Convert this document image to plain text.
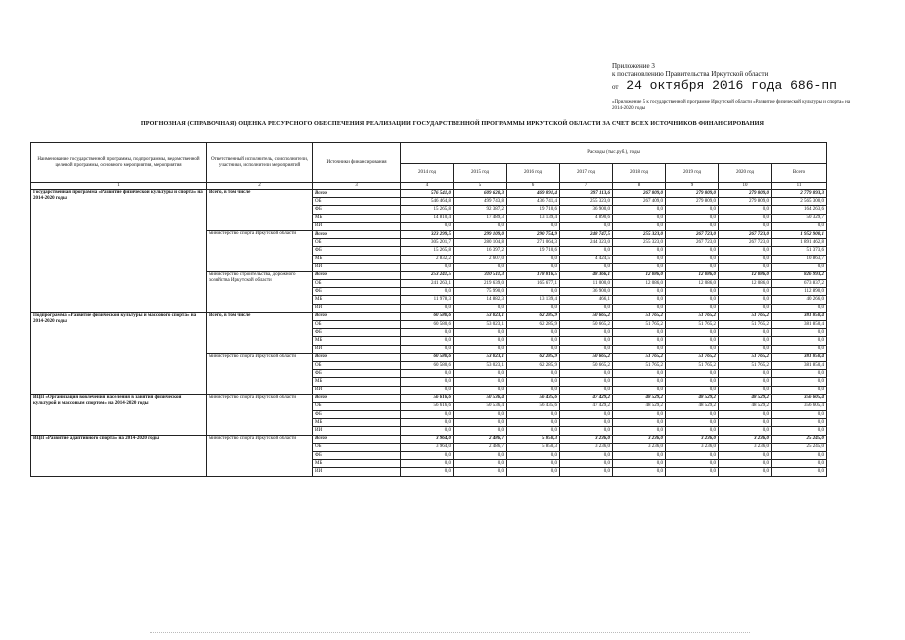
Приложение 3
к постановлению Правительства Иркутской области
от 24 октября 2016 года 686-пп
«Приложение 5 к государственной программе Иркутской области «Развитие физической культуры и спорта» на 2014-2020 годы
ПРОГНОЗНАЯ (СПРАВОЧНАЯ) ОЦЕНКА РЕСУРСНОГО ОБЕСПЕЧЕНИЯ РЕАЛИЗАЦИИ ГОСУДАРСТВЕННОЙ ПРОГРАММЫ ИРКУТСКОЙ ОБЛАСТИ ЗА СЧЕТ ВСЕХ ИСТОЧНИКОВ ФИНАНСИРОВАНИЯ
Наименование государственной программы, подпрограммы, ведомственной целевой программы, основного мероприятия, мероприятия	Ответственный исполнитель, соисполнители, участники, исполнители мероприятий	Источники финансирования	Расходы (тыс.руб.), годы							
			2014 год	2015 год	2016 год	2017 год	2018 год	2019 год	2020 год	Всего
1	2	3	4	5	6	7	8	9	10	11
Государственная программа «Развитие физической культуры и спорта» на 2014-2020 годы	Всего, в том числе	Всего	576 541,0	609 620,3	469 891,4	397 113,6	267 809,0	279 809,0	279 809,0	2 779 893,3
		ОБ	546 464,8	499 743,8	436 741,4	255 323,0	267 409,0	279 809,0	279 809,0	2 565 300,0
		ФБ	15 265,8	92 387,2	19 710,6	36 900,0	0,0	0,0	0,0	164 263,6
		МБ	14 810,4	17 489,3	13 139,4	4 890,6	0,0	0,0	0,0	50 329,7
		ИИ	0,0	0,0	0,0	0,0	0,0	0,0	0,0	0,0
	министерство спорта Иркутской области	Всего	323 299,5	299 109,0	290 754,9	248 747,5	255 323,0	267 723,0	267 723,0	1 952 900,1
		ОБ	305 201,7	280 104,8	271 064,3	244 323,0	255 323,0	267 723,0	267 723,0	1 891 462,8
		ФБ	15 265,8	16 397,2	19 710,6	0,0	0,0	0,0	0,0	51 373,6
		МБ	2 832,2	2 607,0	0,0	4 424,5	0,0	0,0	0,0	10 863,7
		ИИ	0,0	0,0	0,0	0,0	0,0	0,0	0,0	0,0
	министерство строительства, дорожного хозяйства Иркутской области	Всего	253 241,5	310 511,3	178 816,5	48 366,1	12 086,0	12 086,0	12 086,0	826 993,2
		ОБ	241 263,1	219 639,0	165 677,1	11 000,0	12 086,0	12 086,0	12 086,0	673 837,2
		ФБ	0,0	75 990,0	0,0	36 900,0	0,0	0,0	0,0	112 890,0
		МБ	11 978,3	14 882,3	13 139,4	466,1	0,0	0,0	0,0	40 266,0
		ИИ	0,0	0,0	0,0	0,0	0,0	0,0	0,0	0,0
Подпрограмма «Развитие физической культуры и массового спорта» на 2014-2020 годы	Всего, в том числе	Всего	60 580,6	53 023,1	62 285,9	50 665,2	51 765,2	51 765,2	51 765,2	381 850,4
		ОБ	60 580,6	53 023,1	62 285,9	50 665,2	51 765,2	51 765,2	51 765,2	381 850,4
		ФБ	0,0	0,0	0,0	0,0	0,0	0,0	0,0	0,0
		МБ	0,0	0,0	0,0	0,0	0,0	0,0	0,0	0,0
		ИИ	0,0	0,0	0,0	0,0	0,0	0,0	0,0	0,0
	министерство спорта Иркутской области	Всего	60 580,6	53 023,1	62 285,9	50 665,2	51 765,2	51 765,2	51 765,2	381 850,4
		ОБ	60 580,6	53 023,1	62 285,9	50 665,2	51 765,2	51 765,2	51 765,2	381 850,4
		ФБ	0,0	0,0	0,0	0,0	0,0	0,0	0,0	0,0
		МБ	0,0	0,0	0,0	0,0	0,0	0,0	0,0	0,0
		ИИ	0,0	0,0	0,0	0,0	0,0	0,0	0,0	0,0
ВЦП «Организация вовлечения населения в занятия физической культурой и массовым спортом» на 2014-2020 годы	министерство спорта Иркутской области	Всего	56 616,6	50 536,4	56 435,6	47 429,2	48 529,2	48 529,2	48 529,2	356 605,4
		ОБ	56 616,6	50 536,4	56 435,6	47 429,2	48 529,2	48 529,2	48 529,2	356 605,4
		ФБ	0,0	0,0	0,0	0,0	0,0	0,0	0,0	0,0
		МБ	0,0	0,0	0,0	0,0	0,0	0,0	0,0	0,0
		ИИ	0,0	0,0	0,0	0,0	0,0	0,0	0,0	0,0
ВЦП «Развитие адаптивного спорта» на 2014-2020 годы	министерство спорта Иркутской области	Всего	3 964,0	2 486,7	5 850,3	3 236,0	3 236,0	3 236,0	3 236,0	25 245,0
		ОБ	3 964,0	2 486,7	5 850,3	3 236,0	3 236,0	3 236,0	3 236,0	25 245,0
		ФБ	0,0	0,0	0,0	0,0	0,0	0,0	0,0	0,0
		МБ	0,0	0,0	0,0	0,0	0,0	0,0	0,0	0,0
		ИИ	0,0	0,0	0,0	0,0	0,0	0,0	0,0	0,0
